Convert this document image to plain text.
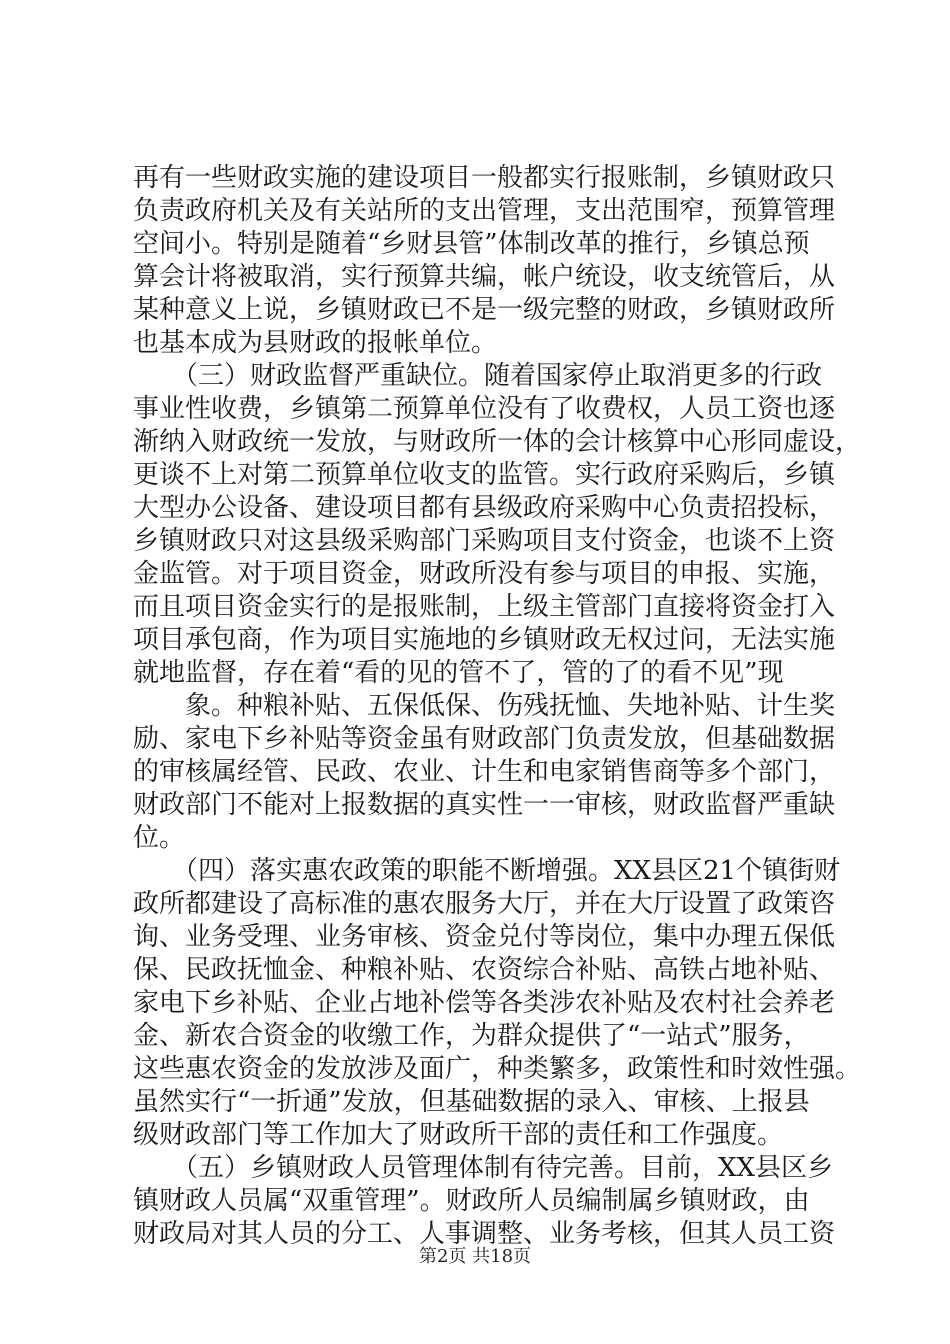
再有一些财政实施的建设项目一般都实行报账制，乡镇财政只
负责政府机关及有关站所的支出管理，支出范围窄，预算管理
空间小。特别是随着“乡财县管”体制改革的推行，乡镇总预
算会计将被取消，实行预算共编，帐户统设，收支统管后，从
某种意义上说，乡镇财政已不是一级完整的财政，乡镇财政所
也基本成为县财政的报帐单位。
　　（三）财政监督严重缺位。随着国家停止取消更多的行政
事业性收费，乡镇第二预算单位没有了收费权，人员工资也逐
渐纳入财政统一发放，与财政所一体的会计核算中心形同虚设，
更谈不上对第二预算单位收支的监管。实行政府采购后，乡镇
大型办公设备、建设项目都有县级政府采购中心负责招投标，
乡镇财政只对这县级采购部门采购项目支付资金，也谈不上资
金监管。对于项目资金，财政所没有参与项目的申报、实施，
而且项目资金实行的是报账制，上级主管部门直接将资金打入
项目承包商，作为项目实施地的乡镇财政无权过问，无法实施
就地监督，存在着“看的见的管不了，管的了的看不见”现
　　象。种粮补贴、五保低保、伤残抚恤、失地补贴、计生奖
励、家电下乡补贴等资金虽有财政部门负责发放，但基础数据
的审核属经管、民政、农业、计生和电家销售商等多个部门，
财政部门不能对上报数据的真实性一一审核，财政监督严重缺
位。
　　（四）落实惠农政策的职能不断增强。XX县区21个镇街财
政所都建设了高标准的惠农服务大厅，并在大厅设置了政策咨
询、业务受理、业务审核、资金兑付等岗位，集中办理五保低
保、民政抚恤金、种粮补贴、农资综合补贴、高铁占地补贴、
家电下乡补贴、企业占地补偿等各类涉农补贴及农村社会养老
金、新农合资金的收缴工作，为群众提供了“一站式”服务，
这些惠农资金的发放涉及面广，种类繁多，政策性和时效性强。
虽然实行“一折通”发放，但基础数据的录入、审核、上报县
级财政部门等工作加大了财政所干部的责任和工作强度。
　　（五）乡镇财政人员管理体制有待完善。目前，XX县区乡
镇财政人员属“双重管理”。财政所人员编制属乡镇财政，由
财政局对其人员的分工、人事调整、业务考核，但其人员工资
第2页 共18页
